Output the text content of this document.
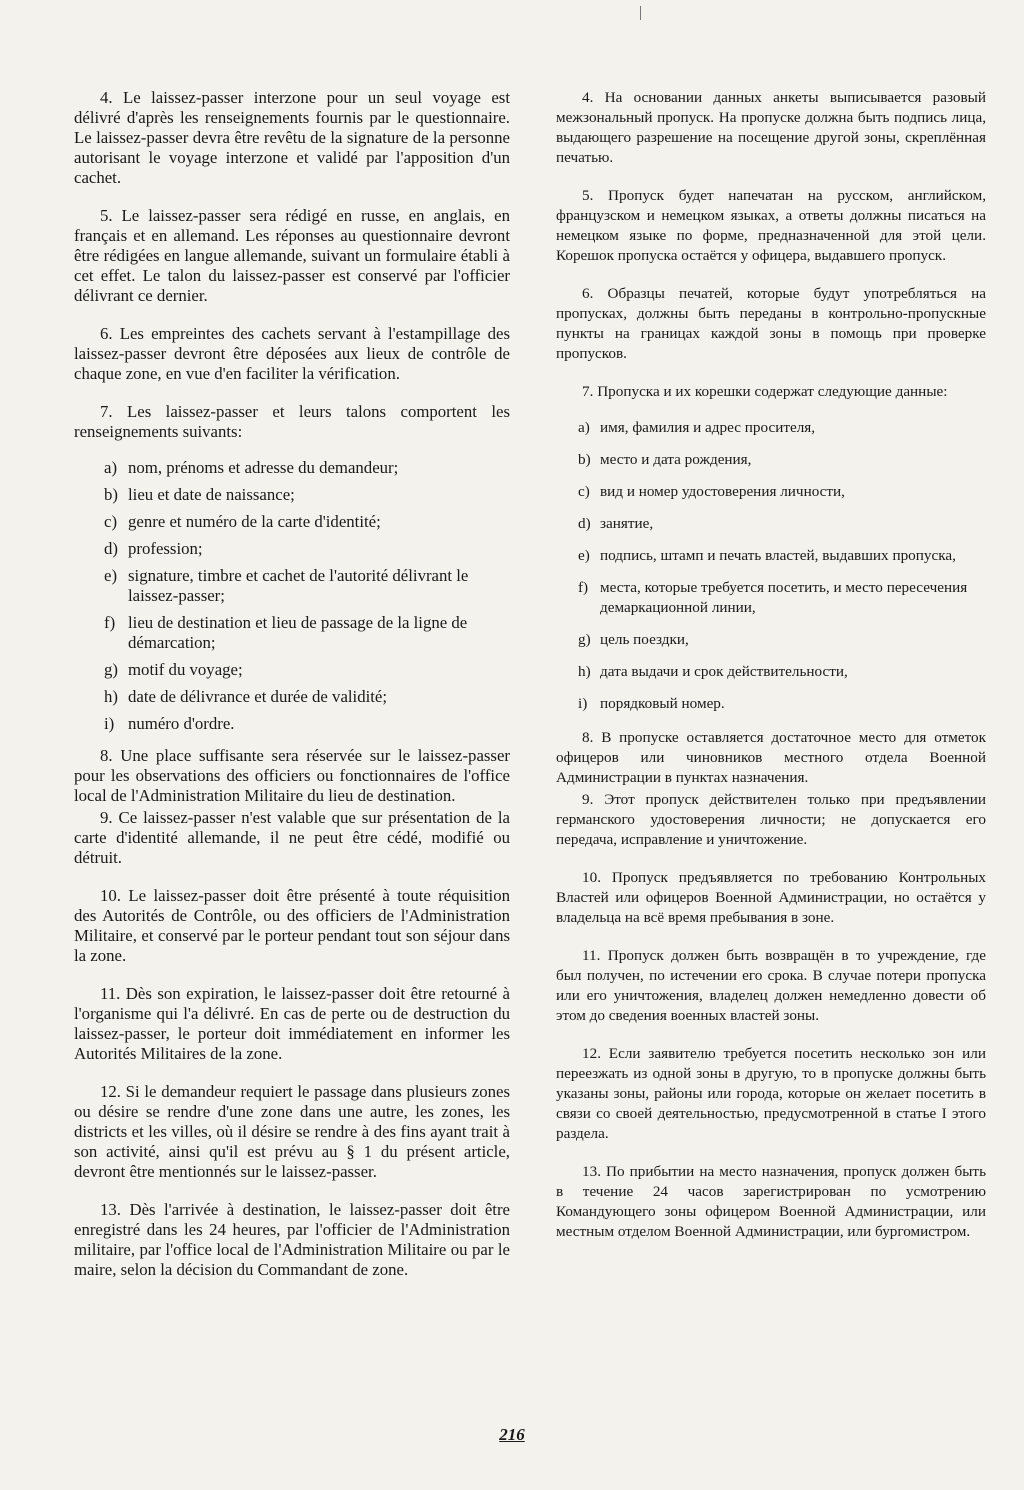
4. Le laissez-passer interzone pour un seul voyage est délivré d'après les renseignements fournis par le questionnaire. Le laissez-passer devra être revêtu de la signature de la personne autorisant le voyage interzone et validé par l'apposition d'un cachet.

5. Le laissez-passer sera rédigé en russe, en anglais, en français et en allemand. Les réponses au questionnaire devront être rédigées en langue allemande, suivant un formulaire établi à cet effet. Le talon du laissez-passer est conservé par l'officier délivrant ce dernier.

6. Les empreintes des cachets servant à l'estampillage des laissez-passer devront être déposées aux lieux de contrôle de chaque zone, en vue d'en faciliter la vérification.

7. Les laissez-passer et leurs talons comportent les renseignements suivants:

a) nom, prénoms et adresse du demandeur;
b) lieu et date de naissance;
c) genre et numéro de la carte d'identité;
d) profession;
e) signature, timbre et cachet de l'autorité délivrant le laissez-passer;
f) lieu de destination et lieu de passage de la ligne de démarcation;
g) motif du voyage;
h) date de délivrance et durée de validité;
i) numéro d'ordre.

8. Une place suffisante sera réservée sur le laissez-passer pour les observations des officiers ou fonctionnaires de l'office local de l'Administration Militaire du lieu de destination.

9. Ce laissez-passer n'est valable que sur présentation de la carte d'identité allemande, il ne peut être cédé, modifié ou détruit.

10. Le laissez-passer doit être présenté à toute réquisition des Autorités de Contrôle, ou des officiers de l'Administration Militaire, et conservé par le porteur pendant tout son séjour dans la zone.

11. Dès son expiration, le laissez-passer doit être retourné à l'organisme qui l'a délivré. En cas de perte ou de destruction du laissez-passer, le porteur doit immédiatement en informer les Autorités Militaires de la zone.

12. Si le demandeur requiert le passage dans plusieurs zones ou désire se rendre d'une zone dans une autre, les zones, les districts et les villes, où il désire se rendre à des fins ayant trait à son activité, ainsi qu'il est prévu au § 1 du présent article, devront être mentionnés sur le laissez-passer.

13. Dès l'arrivée à destination, le laissez-passer doit être enregistré dans les 24 heures, par l'officier de l'Administration militaire, par l'office local de l'Administration Militaire ou par le maire, selon la décision du Commandant de zone.

4. На основании данных анкеты выписывается разовый межзональный пропуск. На пропуске должна быть подпись лица, выдающего разрешение на посещение другой зоны, скреплённая печатью.

5. Пропуск будет напечатан на русском, английском, французском и немецком языках, а ответы должны писаться на немецком языке по форме, предназначенной для этой цели. Корешок пропуска остаётся у офицера, выдавшего пропуск.

6. Образцы печатей, которые будут употребляться на пропусках, должны быть переданы в контрольно-пропускные пункты на границах каждой зоны в помощь при проверке пропусков.

7. Пропуска и их корешки содержат следующие данные:

a) имя, фамилия и адрес просителя,
b) место и дата рождения,
c) вид и номер удостоверения личности,
d) занятие,
e) подпись, штамп и печать властей, выдавших пропуска,
f) места, которые требуется посетить, и место пересечения демаркационной линии,
g) цель поездки,
h) дата выдачи и срок действительности,
i) порядковый номер.

8. В пропуске оставляется достаточное место для отметок офицеров или чиновников местного отдела Военной Администрации в пунктах назначения.

9. Этот пропуск действителен только при предъявлении германского удостоверения личности; не допускается его передача, исправление и уничтожение.

10. Пропуск предъявляется по требованию Контрольных Властей или офицеров Военной Администрации, но остаётся у владельца на всё время пребывания в зоне.

11. Пропуск должен быть возвращён в то учреждение, где был получен, по истечении его срока. В случае потери пропуска или его уничтожения, владелец должен немедленно довести об этом до сведения военных властей зоны.

12. Если заявителю требуется посетить несколько зон или переезжать из одной зоны в другую, то в пропуске должны быть указаны зоны, районы или города, которые он желает посетить в связи со своей деятельностью, предусмотренной в статье I этого раздела.

13. По прибытии на место назначения, пропуск должен быть в течение 24 часов зарегистрирован по усмотрению Командующего зоны офицером Военной Администрации, или местным отделом Военной Администрации, или бургомистром.

216
